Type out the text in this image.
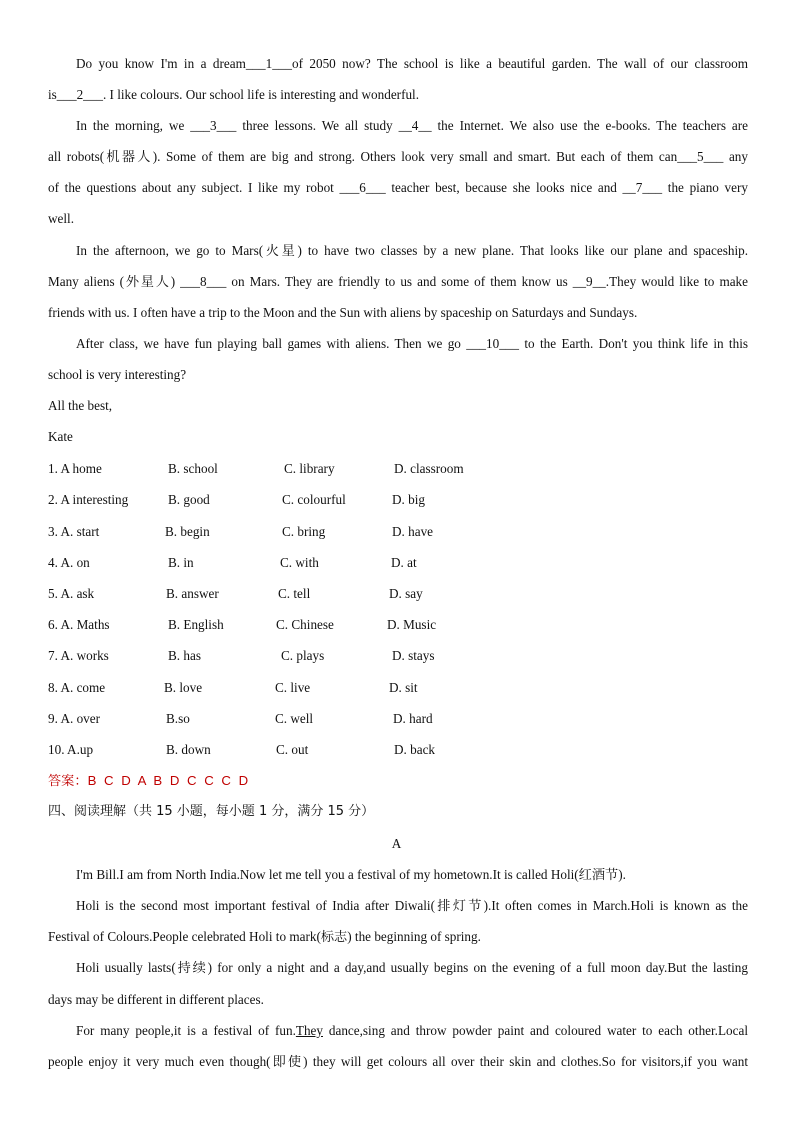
Do you know I'm in a dream___1___of 2050 now? The school is like a beautiful garden. The wall of our classroom
is___2___. I like colours. Our school life is interesting and wonderful.
In the morning, we ___3___ three lessons. We all study __4__ the Internet. We also use the e-books. The teachers are
all robots(机器人). Some of them are big and strong. Others look very small and smart. But each of them can___5___ any
of the questions about any subject. I like my robot ___6___ teacher best, because she looks nice and __7___ the piano very
well.
In the afternoon, we go to Mars(火星) to have two classes by a new plane. That looks like our plane and spaceship.
Many aliens (外星人) ___8___ on Mars. They are friendly to us and some of them know us __9__.They would like to make
friends with us. I often have a trip to the Moon and the Sun with aliens by spaceship on Saturdays and Sundays.
After class, we have fun playing ball games with aliens. Then we go ___10___ to the Earth. Don't you think life in this
school is very interesting?
All the best,
Kate
1. A home	B. school	C. library	D. classroom
2. A interesting	B. good	C. colourful	D. big
3. A. start	B. begin	C. bring	D. have
4. A. on	B. in	C. with	D. at
5. A. ask	B. answer	C. tell	D. say
6. A. Maths	B. English	C. Chinese	D. Music
7. A. works	B. has	C. plays	D. stays
8. A. come	B. love	C. live	D. sit
9. A. over	B.so	C. well	D. hard
10. A.up	B. down	C. out	D. back
答案：B C D A B D C C C D
四、阅读理解（共 15 小题，每小题 1 分，满分 15 分）
A
I'm Bill.I am from North India.Now let me tell you a festival of my hometown.It is called Holi(红酒节).
Holi is the second most important festival of India after Diwali(排灯节).It often comes in March.Holi is known as the
Festival of Colours.People celebrated Holi to mark(标志) the beginning of spring.
Holi usually lasts(持续) for only a night and a day,and usually begins on the evening of a full moon day.But the lasting
days may be different in different places.
For many people,it is a festival of fun.They dance,sing and throw powder paint and coloured water to each other.Local
people enjoy it very much even though(即使) they will get colours all over their skin and clothes.So for visitors,if you want
